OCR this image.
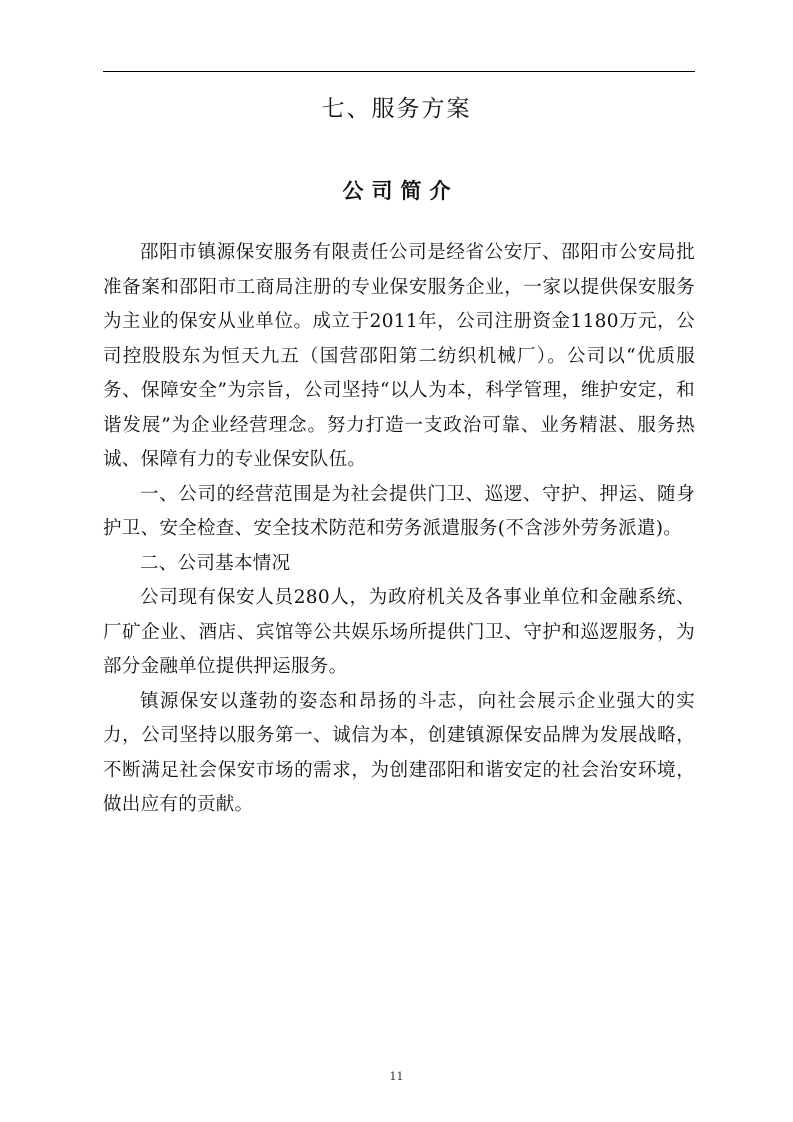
七、服务方案
公司简介

邵阳市镇源保安服务有限责任公司是经省公安厅、邵阳市公安局批准备案和邵阳市工商局注册的专业保安服务企业，一家以提供保安服务为主业的保安从业单位。成立于2011年，公司注册资金1180万元，公司控股股东为恒天九五（国营邵阳第二纺织机械厂）。公司以“优质服务、保障安全”为宗旨，公司坚持“以人为本，科学管理，维护安定，和谐发展”为企业经营理念。努力打造一支政治可靠、业务精湛、服务热诚、保障有力的专业保安队伍。

一、公司的经营范围是为社会提供门卫、巡逻、守护、押运、随身护卫、安全检查、安全技术防范和劳务派遣服务(不含涉外劳务派遣)。

二、公司基本情况

公司现有保安人员280人，为政府机关及各事业单位和金融系统、厂矿企业、酒店、宾馆等公共娱乐场所提供门卫、守护和巡逻服务，为部分金融单位提供押运服务。

镇源保安以蓬勃的姿态和昂扬的斗志，向社会展示企业强大的实力，公司坚持以服务第一、诚信为本，创建镇源保安品牌为发展战略，不断满足社会保安市场的需求，为创建邵阳和谐安定的社会治安环境，做出应有的贡献。

11
